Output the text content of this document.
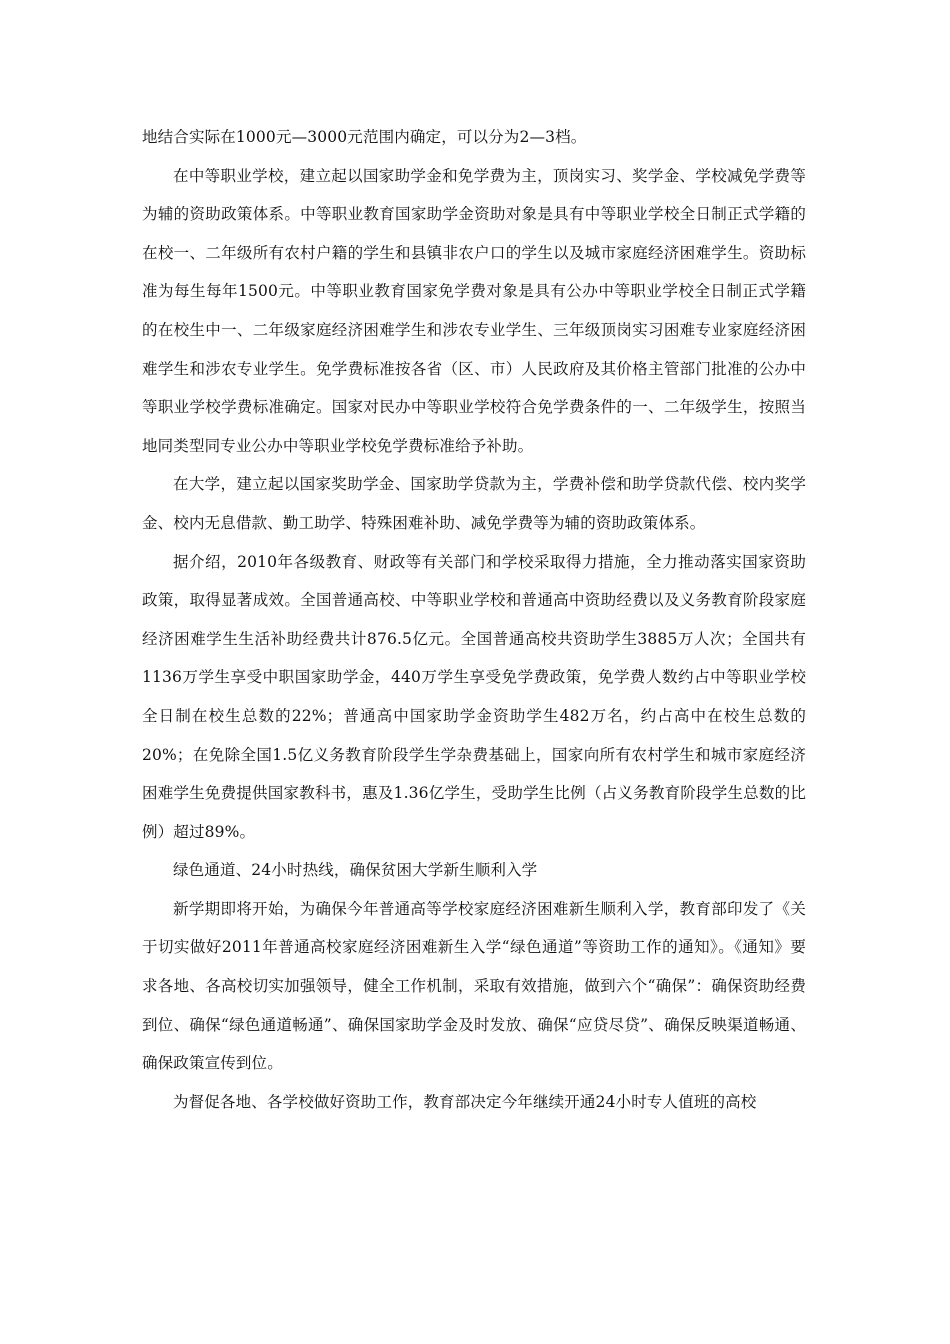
地结合实际在1000元—3000元范围内确定，可以分为2—3档。

在中等职业学校，建立起以国家助学金和免学费为主，顶岗实习、奖学金、学校减免学费等为辅的资助政策体系。中等职业教育国家助学金资助对象是具有中等职业学校全日制正式学籍的在校一、二年级所有农村户籍的学生和县镇非农户口的学生以及城市家庭经济困难学生。资助标准为每生每年1500元。中等职业教育国家免学费对象是具有公办中等职业学校全日制正式学籍的在校生中一、二年级家庭经济困难学生和涉农专业学生、三年级顶岗实习困难专业家庭经济困难学生和涉农专业学生。免学费标准按各省（区、市）人民政府及其价格主管部门批准的公办中等职业学校学费标准确定。国家对民办中等职业学校符合免学费条件的一、二年级学生，按照当地同类型同专业公办中等职业学校免学费标准给予补助。

在大学，建立起以国家奖助学金、国家助学贷款为主，学费补偿和助学贷款代偿、校内奖学金、校内无息借款、勤工助学、特殊困难补助、减免学费等为辅的资助政策体系。

据介绍，2010年各级教育、财政等有关部门和学校采取得力措施，全力推动落实国家资助政策，取得显著成效。全国普通高校、中等职业学校和普通高中资助经费以及义务教育阶段家庭经济困难学生生活补助经费共计876.5亿元。全国普通高校共资助学生3885万人次；全国共有1136万学生享受中职国家助学金，440万学生享受免学费政策，免学费人数约占中等职业学校全日制在校生总数的22%；普通高中国家助学金资助学生482万名，约占高中在校生总数的20%；在免除全国1.5亿义务教育阶段学生学杂费基础上，国家向所有农村学生和城市家庭经济困难学生免费提供国家教科书，惠及1.36亿学生，受助学生比例（占义务教育阶段学生总数的比例）超过89%。

绿色通道、24小时热线，确保贫困大学新生顺利入学

新学期即将开始，为确保今年普通高等学校家庭经济困难新生顺利入学，教育部印发了《关于切实做好2011年普通高校家庭经济困难新生入学“绿色通道”等资助工作的通知》。《通知》要求各地、各高校切实加强领导，健全工作机制，采取有效措施，做到六个“确保”：确保资助经费到位、确保“绿色通道畅通”、确保国家助学金及时发放、确保“应贷尽贷”、确保反映渠道畅通、确保政策宣传到位。

为督促各地、各学校做好资助工作，教育部决定今年继续开通24小时专人值班的高校
